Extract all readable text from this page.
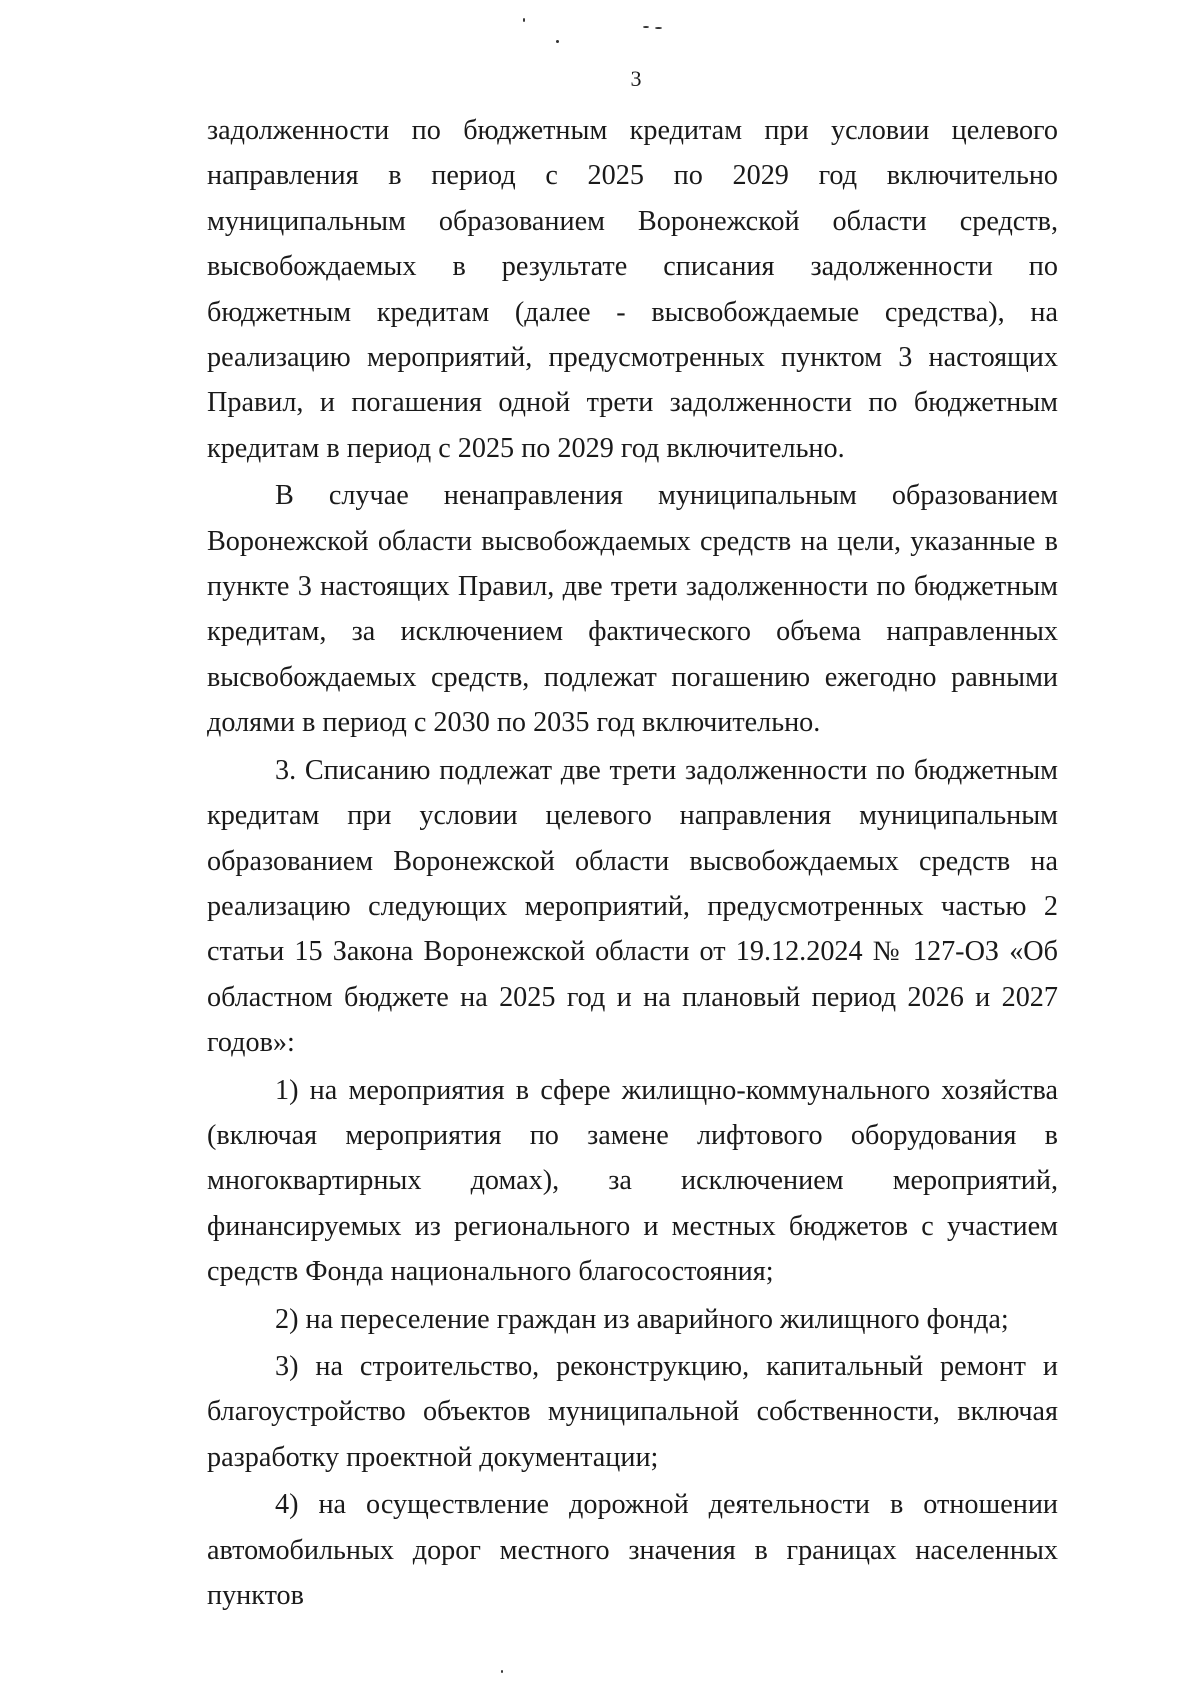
3

задолженности по бюджетным кредитам при условии целевого направления в период с 2025 по 2029 год включительно муниципальным образованием Воронежской области средств, высвобождаемых в результате списания задолженности по бюджетным кредитам (далее - высвобождаемые средства), на реализацию мероприятий, предусмотренных пунктом 3 настоящих Правил, и погашения одной трети задолженности по бюджетным кредитам в период с 2025 по 2029 год включительно.

В случае ненаправления муниципальным образованием Воронежской области высвобождаемых средств на цели, указанные в пункте 3 настоящих Правил, две трети задолженности по бюджетным кредитам, за исключением фактического объема направленных высвобождаемых средств, подлежат погашению ежегодно равными долями в период с 2030 по 2035 год включительно.

3. Списанию подлежат две трети задолженности по бюджетным кредитам при условии целевого направления муниципальным образованием Воронежской области высвобождаемых средств на реализацию следующих мероприятий, предусмотренных частью 2 статьи 15 Закона Воронежской области от 19.12.2024 № 127-ОЗ «Об областном бюджете на 2025 год и на плановый период 2026 и 2027 годов»:

1) на мероприятия в сфере жилищно-коммунального хозяйства (включая мероприятия по замене лифтового оборудования в многоквартирных домах), за исключением мероприятий, финансируемых из регионального и местных бюджетов с участием средств Фонда национального благосостояния;

2) на переселение граждан из аварийного жилищного фонда;

3) на строительство, реконструкцию, капитальный ремонт и благоустройство объектов муниципальной собственности, включая разработку проектной документации;

4) на осуществление дорожной деятельности в отношении автомобильных дорог местного значения в границах населенных пунктов
